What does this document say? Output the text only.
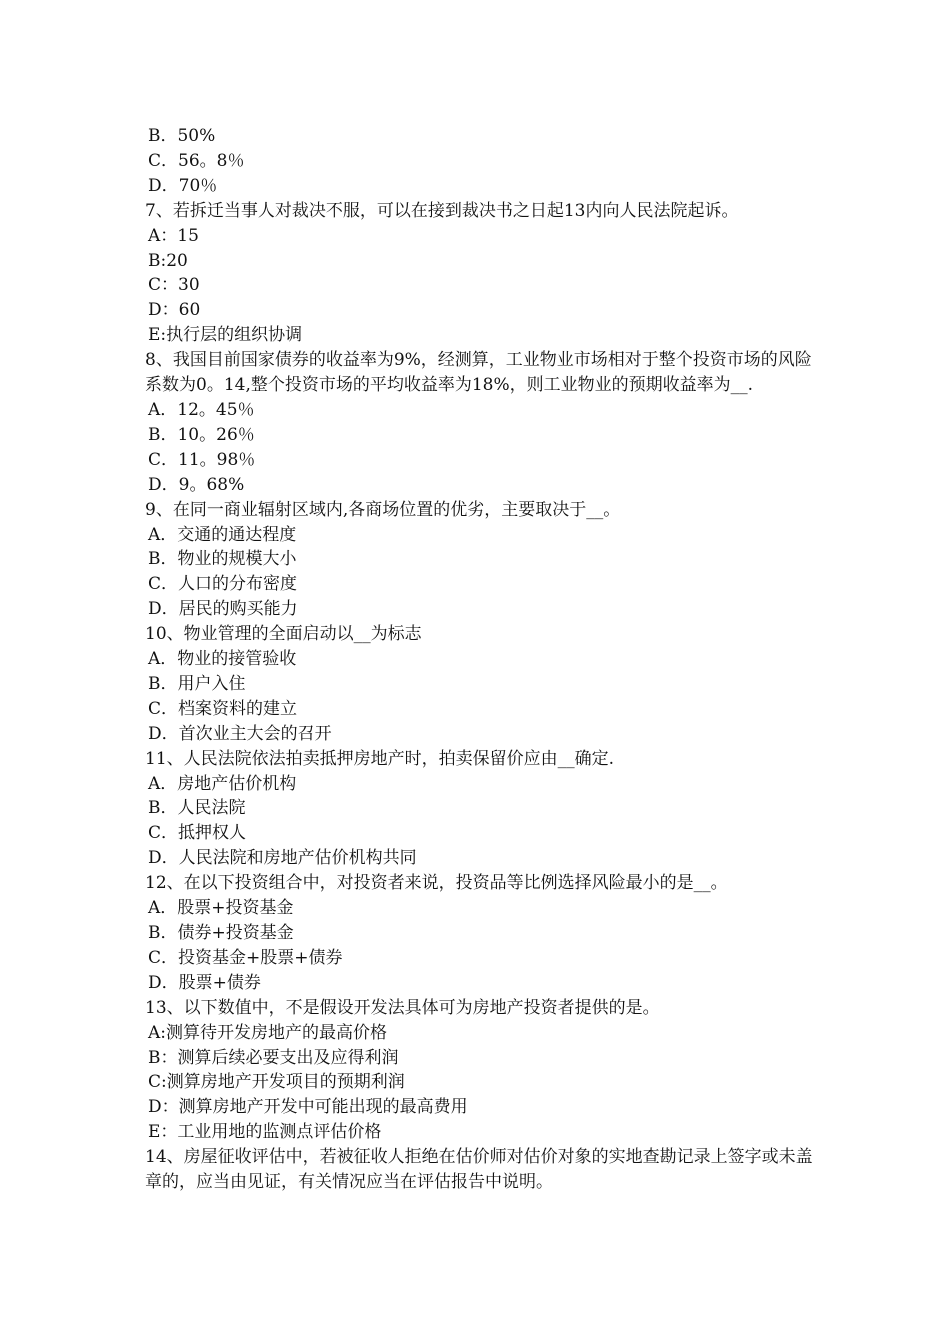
B．50%
C．56。8％
D．70％
7、若拆迁当事人对裁决不服，可以在接到裁决书之日起13内向人民法院起诉。
A：15
B:20
C：30
D：60
E:执行层的组织协调
8、我国目前国家债券的收益率为9%，经测算，工业物业市场相对于整个投资市场的风险系数为0。14,整个投资市场的平均收益率为18%，则工业物业的预期收益率为__.
A．12。45％
B．10。26％
C．11。98％
D．9。68%
9、在同一商业辐射区域内,各商场位置的优劣，主要取决于__。
A．交通的通达程度
B．物业的规模大小
C．人口的分布密度
D．居民的购买能力
10、物业管理的全面启动以__为标志
A．物业的接管验收
B．用户入住
C．档案资料的建立
D．首次业主大会的召开
11、人民法院依法拍卖抵押房地产时，拍卖保留价应由__确定.
A．房地产估价机构
B．人民法院
C．抵押权人
D．人民法院和房地产估价机构共同
12、在以下投资组合中，对投资者来说，投资品等比例选择风险最小的是__。
A．股票+投资基金
B．债券+投资基金
C．投资基金+股票+债券
D．股票+债券
13、以下数值中，不是假设开发法具体可为房地产投资者提供的是。
A:测算待开发房地产的最高价格
B：测算后续必要支出及应得利润
C:测算房地产开发项目的预期利润
D：测算房地产开发中可能出现的最高费用
E：工业用地的监测点评估价格
14、房屋征收评估中，若被征收人拒绝在估价师对估价对象的实地查勘记录上签字或未盖章的，应当由见证，有关情况应当在评估报告中说明。
